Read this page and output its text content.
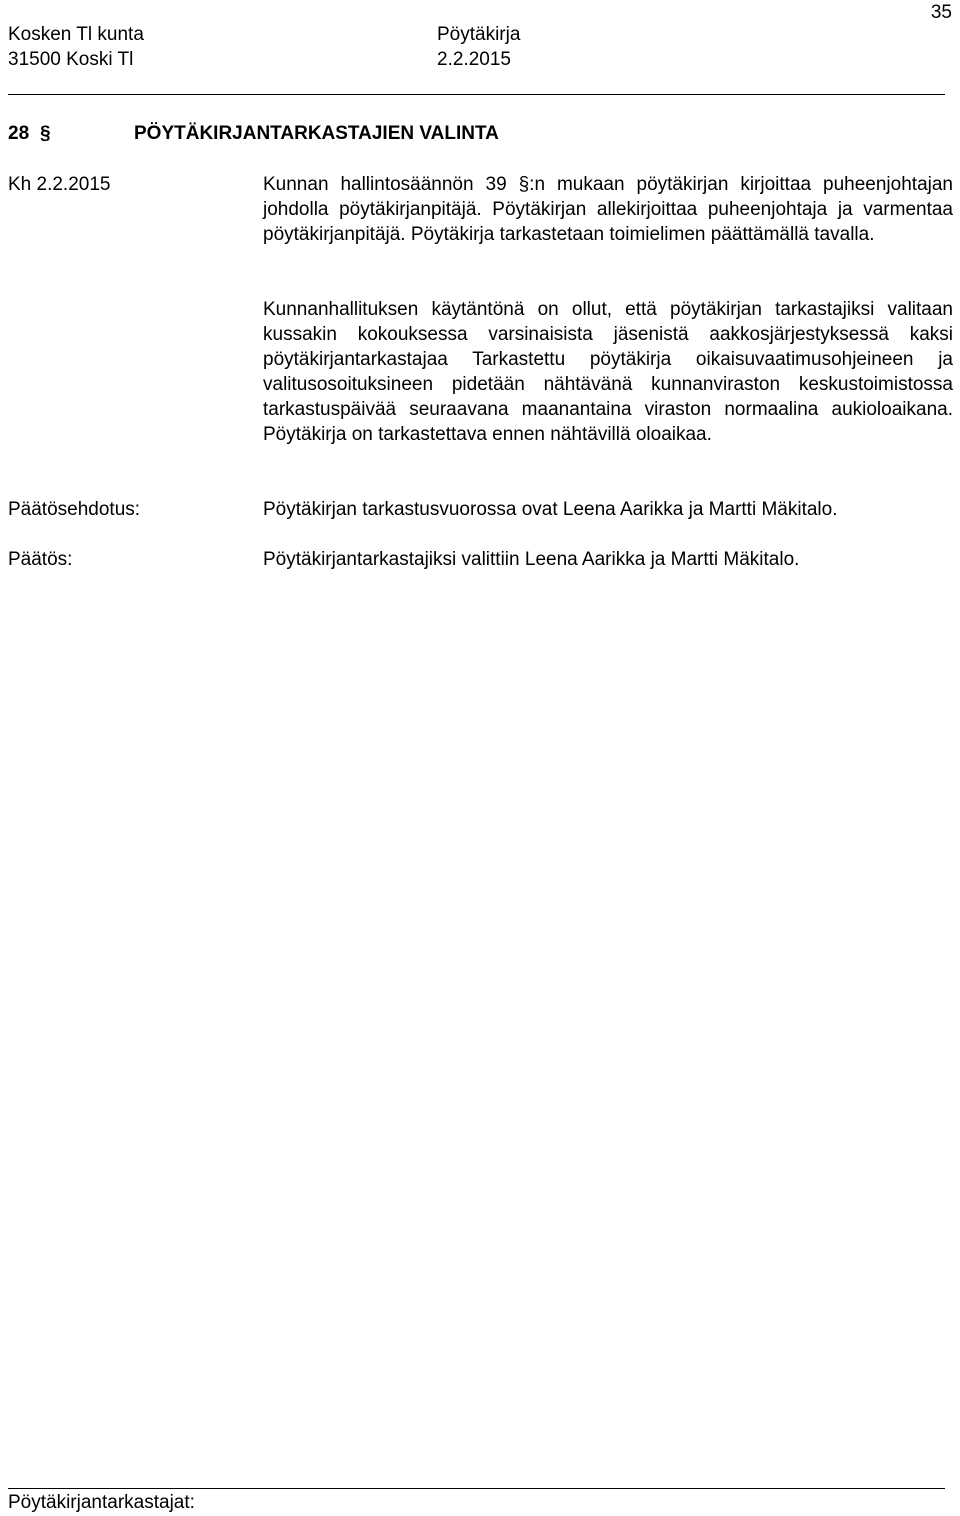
35
Kosken Tl kunta
31500 Koski Tl
Pöytäkirja
2.2.2015
28 §	PÖYTÄKIRJANTARKASTAJIEN VALINTA
Kh 2.2.2015	Kunnan hallintosäännön 39 §:n mukaan pöytäkirjan kirjoittaa puheenjohtajan johdolla pöytäkirjanpitäjä. Pöytäkirjan allekirjoittaa puheenjohtaja ja varmentaa pöytäkirjanpitäjä. Pöytäkirja tarkastetaan toimielimen päättämällä tavalla.
Kunnanhallituksen käytäntönä on ollut, että pöytäkirjan tarkastajiksi valitaan kussakin kokouksessa varsinaisista jäsenistä aakkosjärjestyksessä kaksi pöytäkirjantarkastajaa Tarkastettu pöytäkirja oikaisuvaatimusohjeineen ja valitusosoituksineen pidetään nähtävänä kunnanviraston keskustoimistossa tarkastuspäivää seuraavana maanantaina viraston normaalina aukioloaikana. Pöytäkirja on tarkastettava ennen nähtävillä oloaikaa.
Päätösehdotus:	Pöytäkirjan tarkastusvuorossa ovat Leena Aarikka ja Martti Mäkitalo.
Päätös:	Pöytäkirjantarkastajiksi valittiin Leena Aarikka ja Martti Mäkitalo.
Pöytäkirjantarkastajat:
